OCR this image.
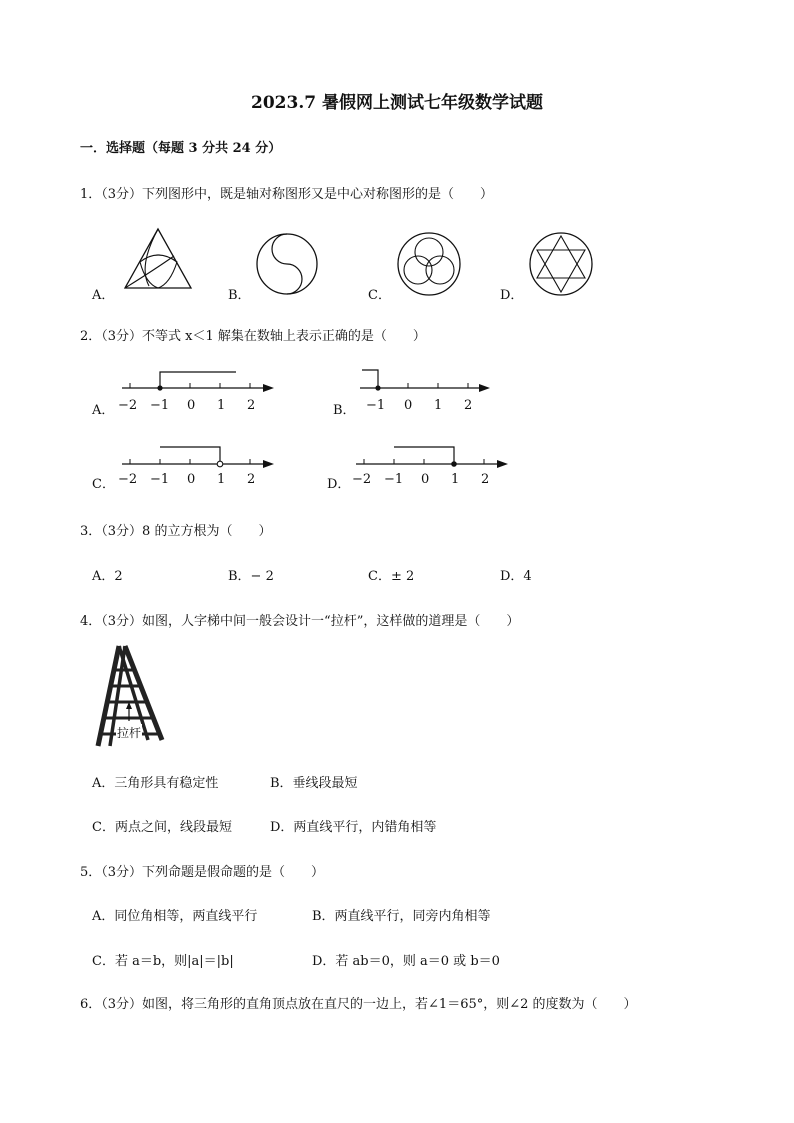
2023.7 暑假网上测试七年级数学试题
一．选择题（每题 3 分共 24 分）
1．（3分）下列图形中，既是轴对称图形又是中心对称图形的是（　　）
A．	B．	C．	D．
2．（3分）不等式 x＜1 解集在数轴上表示正确的是（　　）
A． −2 −1 0 1 2	B． −1 0 1 2
C． −2 −1 0 1 2	D． −2 −1 0 1 2
3．（3分）8 的立方根为（　　）
A．2	B．− 2	C．± 2	D．4
4．（3分）如图，人字梯中间一般会设计一“拉杆”，这样做的道理是（　　）
拉杆
A．三角形具有稳定性	B．垂线段最短
C．两点之间，线段最短	D．两直线平行，内错角相等
5．（3分）下列命题是假命题的是（　　）
A．同位角相等，两直线平行	B．两直线平行，同旁内角相等
C．若 a＝b，则|a|＝|b|	D．若 ab＝0，则 a＝0 或 b＝0
6．（3分）如图，将三角形的直角顶点放在直尺的一边上，若∠1＝65°，则∠2 的度数为（　　）
